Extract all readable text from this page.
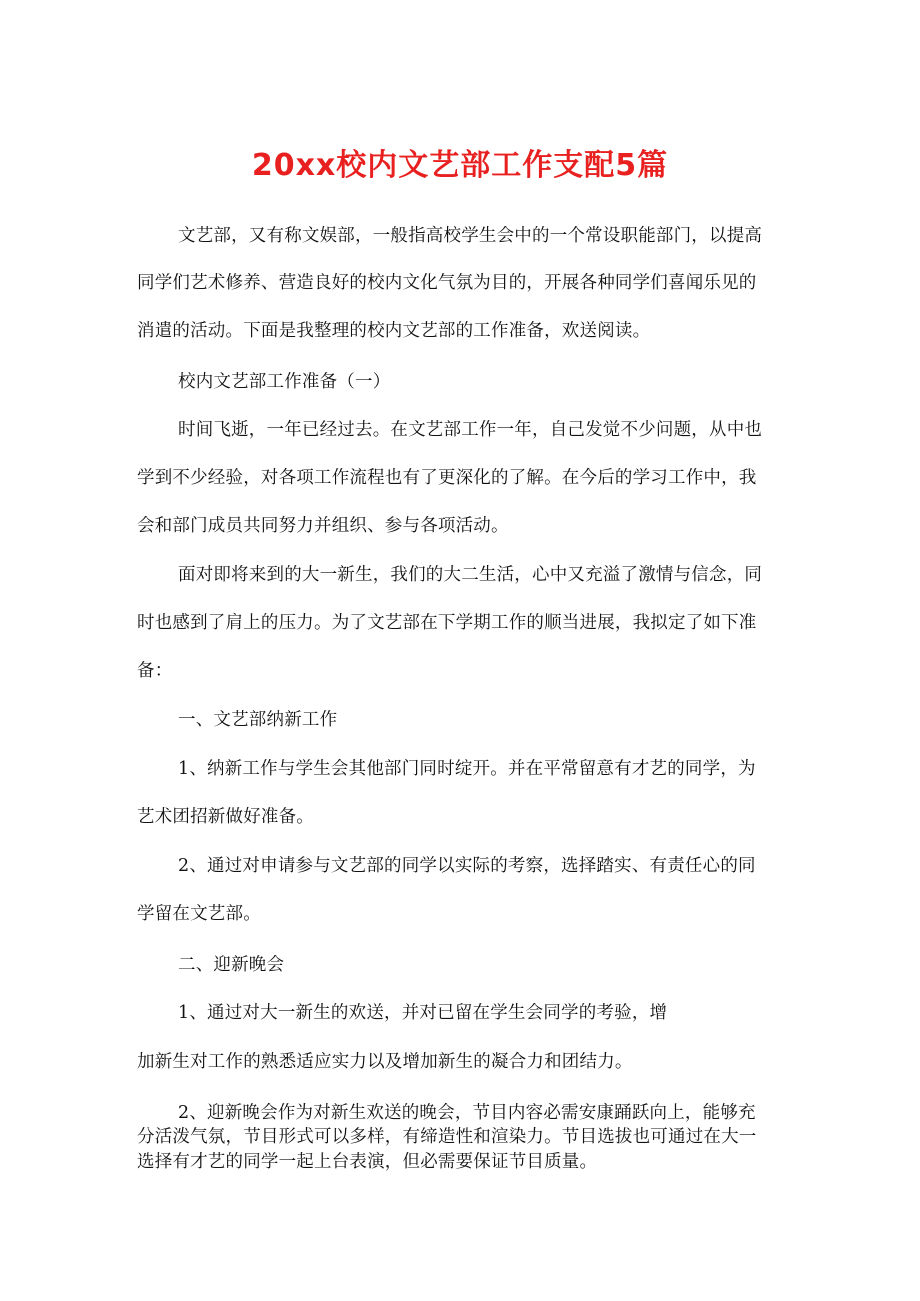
20xx校内文艺部工作支配5篇
文艺部，又有称文娱部，一般指高校学生会中的一个常设职能部门，以提高
同学们艺术修养、营造良好的校内文化气氛为目的，开展各种同学们喜闻乐见的
消遣的活动。下面是我整理的校内文艺部的工作准备，欢送阅读。
校内文艺部工作准备（一）
时间飞逝，一年已经过去。在文艺部工作一年，自己发觉不少问题，从中也
学到不少经验，对各项工作流程也有了更深化的了解。在今后的学习工作中，我
会和部门成员共同努力并组织、参与各项活动。
面对即将来到的大一新生，我们的大二生活，心中又充溢了激情与信念，同
时也感到了肩上的压力。为了文艺部在下学期工作的顺当进展，我拟定了如下准
备：
一、文艺部纳新工作
1、纳新工作与学生会其他部门同时绽开。并在平常留意有才艺的同学，为
艺术团招新做好准备。
2、通过对申请参与文艺部的同学以实际的考察，选择踏实、有责任心的同
学留在文艺部。
二、迎新晚会
1、通过对大一新生的欢送，并对已留在学生会同学的考验，增
加新生对工作的熟悉适应实力以及增加新生的凝合力和团结力。
2、迎新晚会作为对新生欢送的晚会，节目内容必需安康踊跃向上，能够充
分活泼气氛，节目形式可以多样，有缔造性和渲染力。节目选拔也可通过在大一
选择有才艺的同学一起上台表演，但必需要保证节目质量。
